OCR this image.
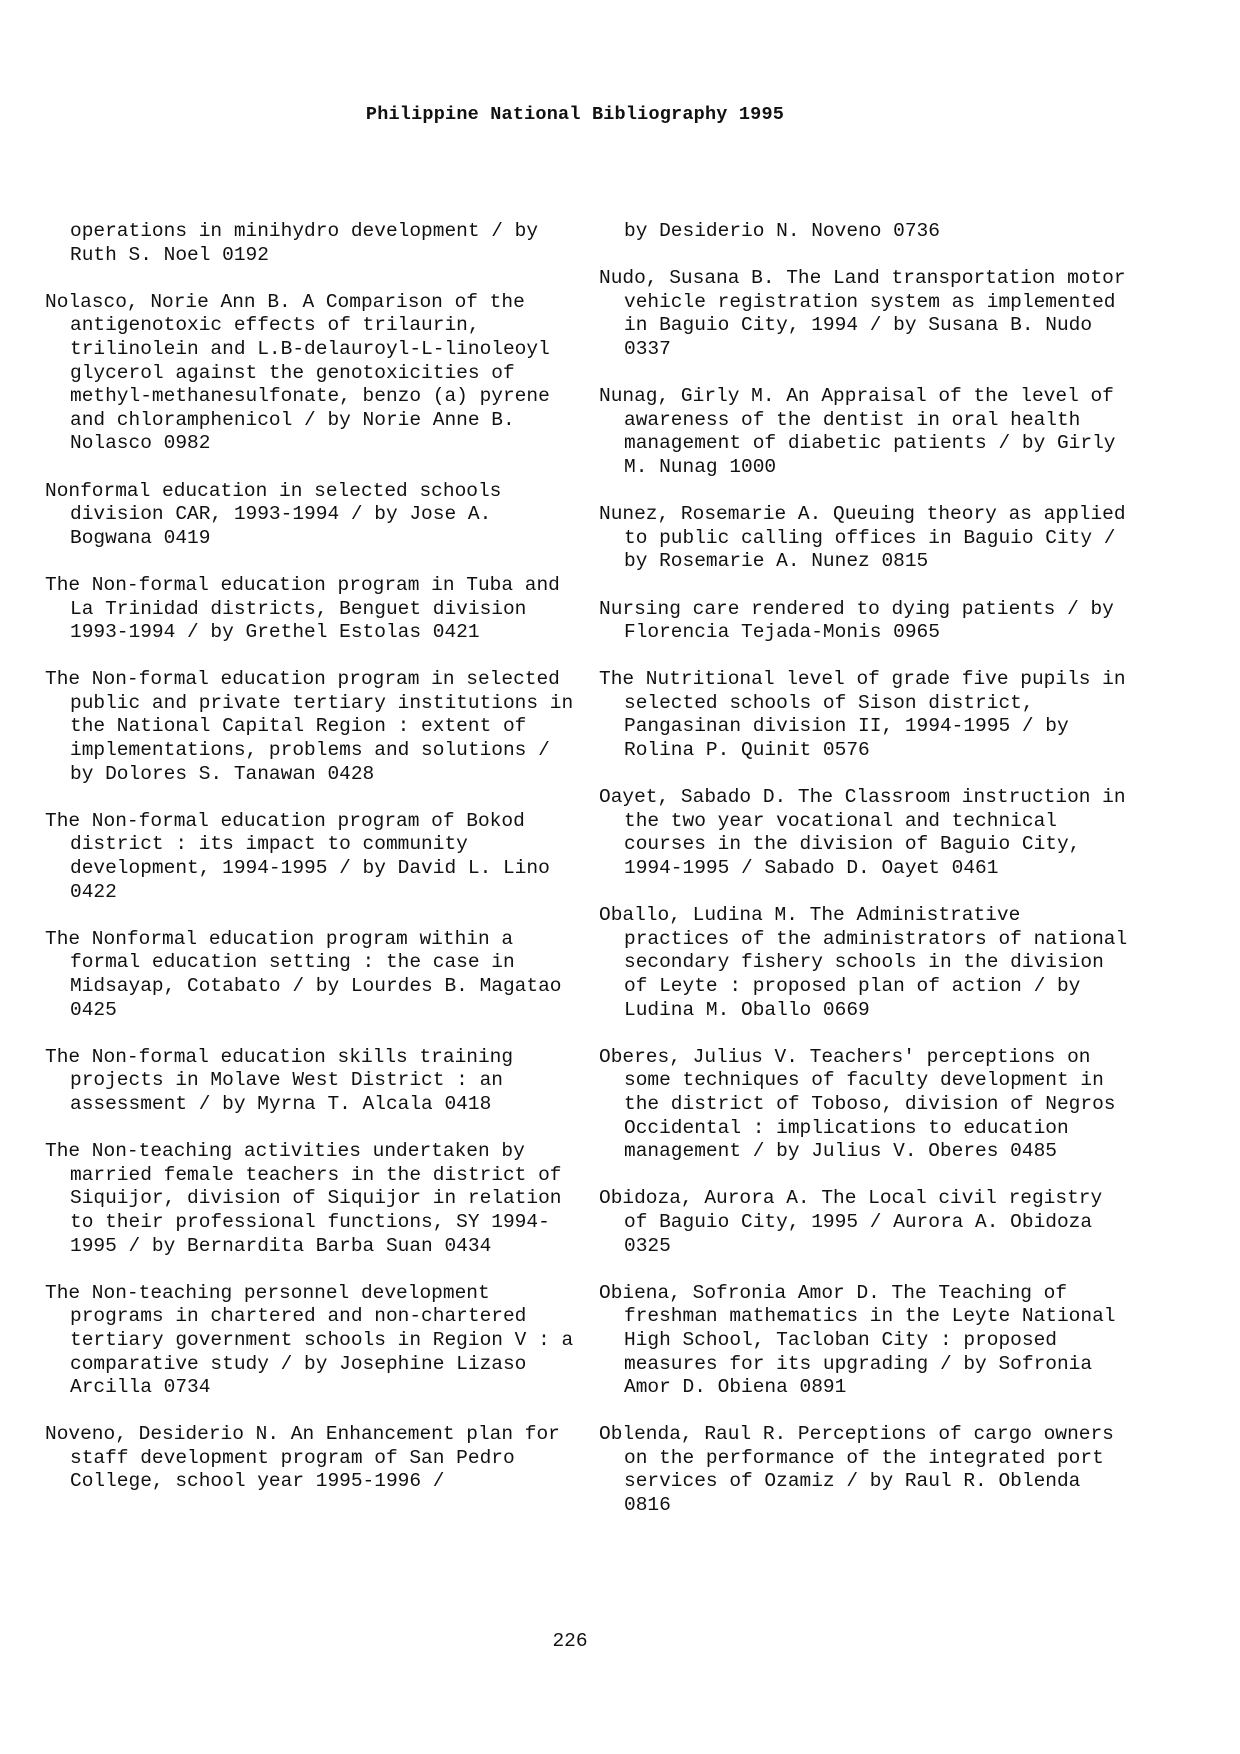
Philippine National Bibliography 1995
operations in minihydro development / by Ruth S. Noel 0192
Nolasco, Norie Ann B. A Comparison of the antigenotoxic effects of trilaurin, trilinolein and L.B-delauroyl-L-linoleoyl glycerol against the genotoxicities of methyl-methanesulfonate, benzo (a) pyrene and chloramphenicol / by Norie Anne B. Nolasco 0982
Nonformal education in selected schools division CAR, 1993-1994 / by Jose A. Bogwana 0419
The Non-formal education program in Tuba and La Trinidad districts, Benguet division 1993-1994 / by Grethel Estolas 0421
The Non-formal education program in selected public and private tertiary institutions in the National Capital Region : extent of implementations, problems and solutions / by Dolores S. Tanawan 0428
The Non-formal education program of Bokod district : its impact to community development, 1994-1995 / by David L. Lino 0422
The Nonformal education program within a formal education setting : the case in Midsayap, Cotabato / by Lourdes B. Magatao 0425
The Non-formal education skills training projects in Molave West District : an assessment / by Myrna T. Alcala 0418
The Non-teaching activities undertaken by married female teachers in the district of Siquijor, division of Siquijor in relation to their professional functions, SY 1994-1995 / by Bernardita Barba Suan 0434
The Non-teaching personnel development programs in chartered and non-chartered tertiary government schools in Region V : a comparative study / by Josephine Lizaso Arcilla 0734
Noveno, Desiderio N. An Enhancement plan for staff development program of San Pedro College, school year 1995-1996 /
by Desiderio N. Noveno 0736
Nudo, Susana B. The Land transportation motor vehicle registration system as implemented in Baguio City, 1994 / by Susana B. Nudo 0337
Nunag, Girly M. An Appraisal of the level of awareness of the dentist in oral health management of diabetic patients / by Girly M. Nunag 1000
Nunez, Rosemarie A. Queuing theory as applied to public calling offices in Baguio City / by Rosemarie A. Nunez 0815
Nursing care rendered to dying patients / by Florencia Tejada-Monis 0965
The Nutritional level of grade five pupils in selected schools of Sison district, Pangasinan division II, 1994-1995 / by Rolina P. Quinit 0576
Oayet, Sabado D. The Classroom instruction in the two year vocational and technical courses in the division of Baguio City, 1994-1995 / Sabado D. Oayet 0461
Oballo, Ludina M. The Administrative practices of the administrators of national secondary fishery schools in the division of Leyte : proposed plan of action / by Ludina M. Oballo 0669
Oberes, Julius V. Teachers' perceptions on some techniques of faculty development in the district of Toboso, division of Negros Occidental : implications to education management / by Julius V. Oberes 0485
Obidoza, Aurora A. The Local civil registry of Baguio City, 1995 / Aurora A. Obidoza 0325
Obiena, Sofronia Amor D. The Teaching of freshman mathematics in the Leyte National High School, Tacloban City : proposed measures for its upgrading / by Sofronia Amor D. Obiena 0891
Oblenda, Raul R. Perceptions of cargo owners on the performance of the integrated port services of Ozamiz / by Raul R. Oblenda 0816
226
